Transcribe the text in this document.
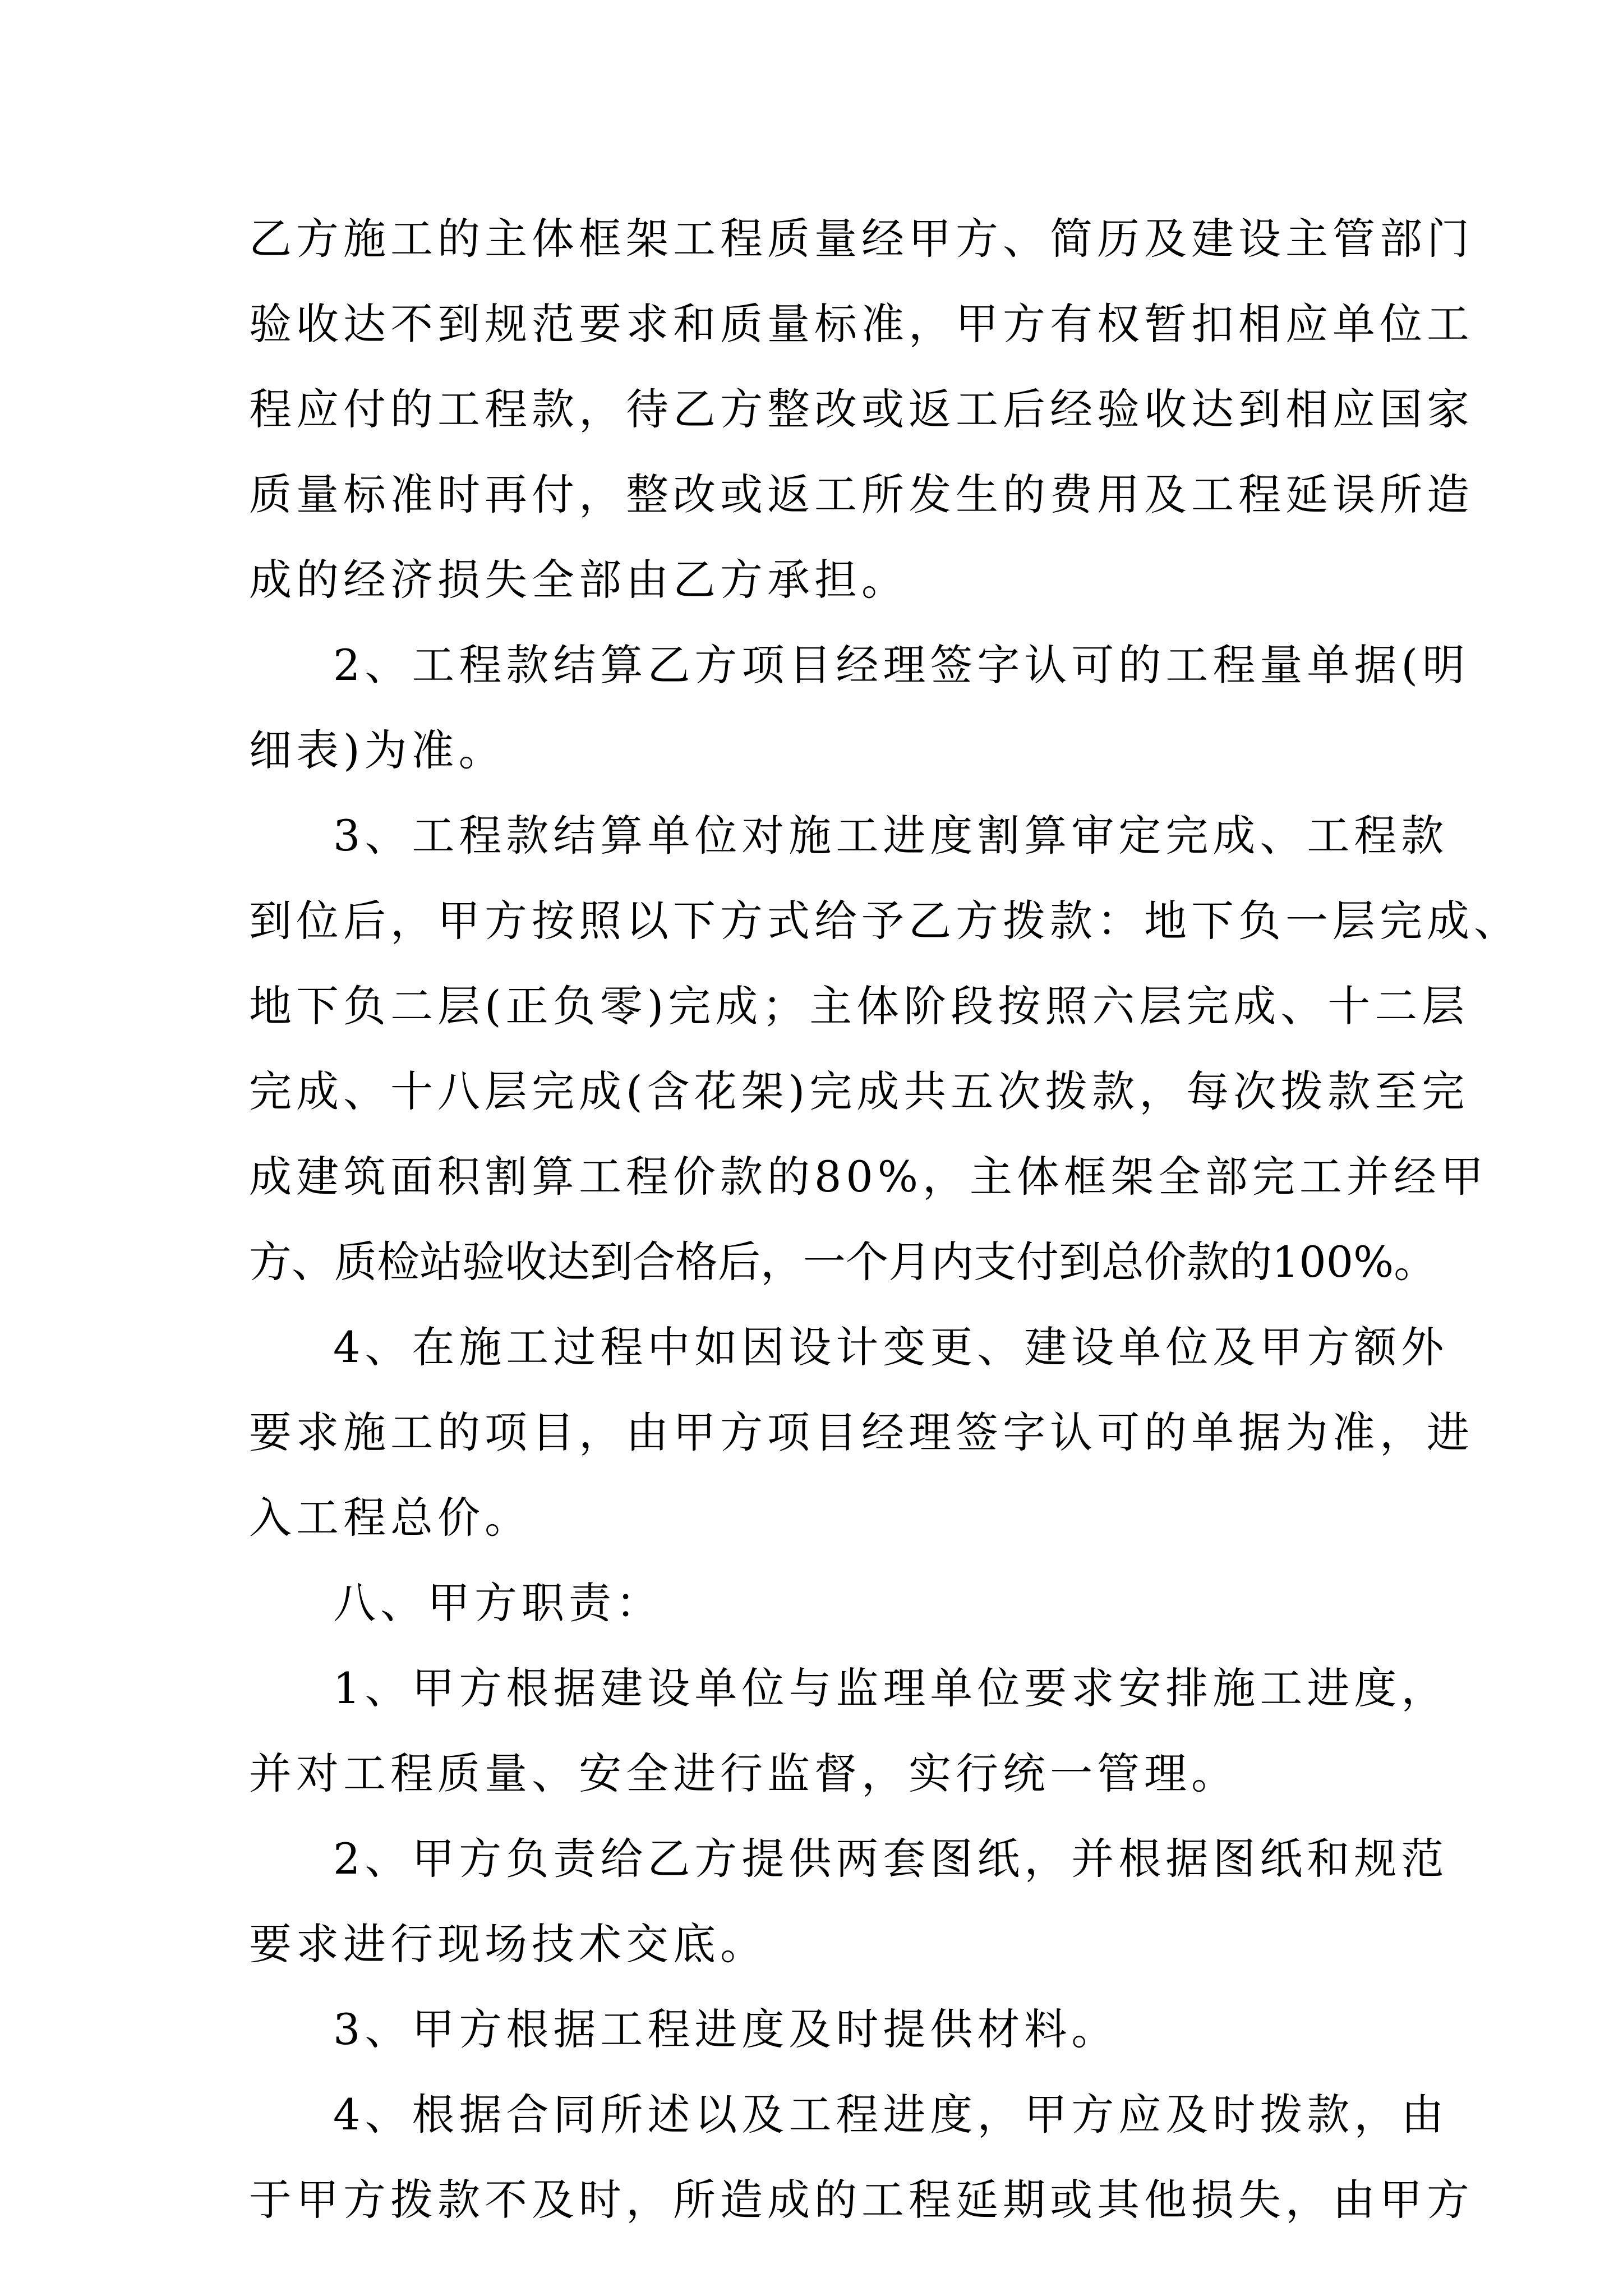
乙方施工的主体框架工程质量经甲方、简历及建设主管部门
验收达不到规范要求和质量标准，甲方有权暂扣相应单位工
程应付的工程款，待乙方整改或返工后经验收达到相应国家
质量标准时再付，整改或返工所发生的费用及工程延误所造
成的经济损失全部由乙方承担。
2、工程款结算乙方项目经理签字认可的工程量单据(明
细表)为准。
3、工程款结算单位对施工进度割算审定完成、工程款
到位后，甲方按照以下方式给予乙方拨款：地下负一层完成、
地下负二层(正负零)完成；主体阶段按照六层完成、十二层
完成、十八层完成(含花架)完成共五次拨款，每次拨款至完
成建筑面积割算工程价款的80%，主体框架全部完工并经甲
方、质检站验收达到合格后，一个月内支付到总价款的100%。
4、在施工过程中如因设计变更、建设单位及甲方额外
要求施工的项目，由甲方项目经理签字认可的单据为准，进
入工程总价。
八、甲方职责：
1、甲方根据建设单位与监理单位要求安排施工进度，
并对工程质量、安全进行监督，实行统一管理。
2、甲方负责给乙方提供两套图纸，并根据图纸和规范
要求进行现场技术交底。
3、甲方根据工程进度及时提供材料。
4、根据合同所述以及工程进度，甲方应及时拨款，由
于甲方拨款不及时，所造成的工程延期或其他损失，由甲方
